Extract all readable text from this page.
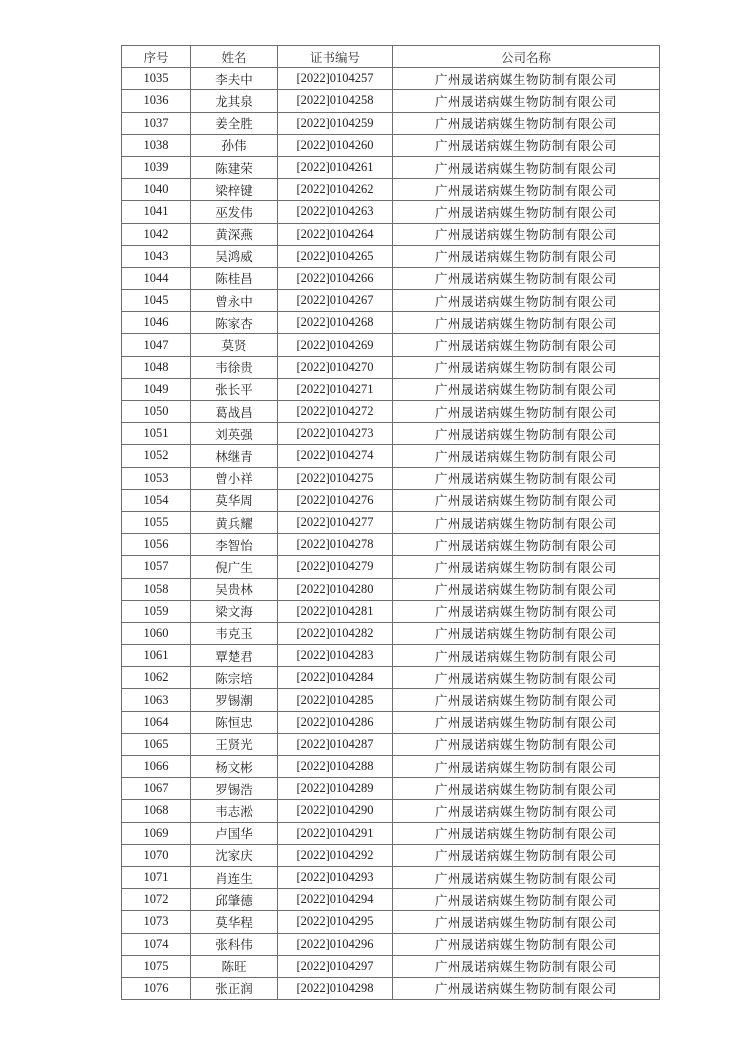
序号	姓名	证书编号	公司名称
1035	李夫中	[2022]0104257	广州晟诺病媒生物防制有限公司
1036	龙其泉	[2022]0104258	广州晟诺病媒生物防制有限公司
1037	姜全胜	[2022]0104259	广州晟诺病媒生物防制有限公司
1038	孙伟	[2022]0104260	广州晟诺病媒生物防制有限公司
1039	陈建荣	[2022]0104261	广州晟诺病媒生物防制有限公司
1040	梁梓键	[2022]0104262	广州晟诺病媒生物防制有限公司
1041	巫发伟	[2022]0104263	广州晟诺病媒生物防制有限公司
1042	黄深燕	[2022]0104264	广州晟诺病媒生物防制有限公司
1043	吴鸿威	[2022]0104265	广州晟诺病媒生物防制有限公司
1044	陈桂昌	[2022]0104266	广州晟诺病媒生物防制有限公司
1045	曾永中	[2022]0104267	广州晟诺病媒生物防制有限公司
1046	陈家杏	[2022]0104268	广州晟诺病媒生物防制有限公司
1047	莫贤	[2022]0104269	广州晟诺病媒生物防制有限公司
1048	韦徐贵	[2022]0104270	广州晟诺病媒生物防制有限公司
1049	张长平	[2022]0104271	广州晟诺病媒生物防制有限公司
1050	葛战昌	[2022]0104272	广州晟诺病媒生物防制有限公司
1051	刘英强	[2022]0104273	广州晟诺病媒生物防制有限公司
1052	林继青	[2022]0104274	广州晟诺病媒生物防制有限公司
1053	曾小祥	[2022]0104275	广州晟诺病媒生物防制有限公司
1054	莫华周	[2022]0104276	广州晟诺病媒生物防制有限公司
1055	黄兵耀	[2022]0104277	广州晟诺病媒生物防制有限公司
1056	李智怡	[2022]0104278	广州晟诺病媒生物防制有限公司
1057	倪广生	[2022]0104279	广州晟诺病媒生物防制有限公司
1058	吴贵林	[2022]0104280	广州晟诺病媒生物防制有限公司
1059	梁文海	[2022]0104281	广州晟诺病媒生物防制有限公司
1060	韦克玉	[2022]0104282	广州晟诺病媒生物防制有限公司
1061	覃楚君	[2022]0104283	广州晟诺病媒生物防制有限公司
1062	陈宗培	[2022]0104284	广州晟诺病媒生物防制有限公司
1063	罗锡潮	[2022]0104285	广州晟诺病媒生物防制有限公司
1064	陈恒忠	[2022]0104286	广州晟诺病媒生物防制有限公司
1065	王贤光	[2022]0104287	广州晟诺病媒生物防制有限公司
1066	杨文彬	[2022]0104288	广州晟诺病媒生物防制有限公司
1067	罗锡浩	[2022]0104289	广州晟诺病媒生物防制有限公司
1068	韦志淞	[2022]0104290	广州晟诺病媒生物防制有限公司
1069	卢国华	[2022]0104291	广州晟诺病媒生物防制有限公司
1070	沈家庆	[2022]0104292	广州晟诺病媒生物防制有限公司
1071	肖连生	[2022]0104293	广州晟诺病媒生物防制有限公司
1072	邱肇德	[2022]0104294	广州晟诺病媒生物防制有限公司
1073	莫华程	[2022]0104295	广州晟诺病媒生物防制有限公司
1074	张科伟	[2022]0104296	广州晟诺病媒生物防制有限公司
1075	陈旺	[2022]0104297	广州晟诺病媒生物防制有限公司
1076	张正润	[2022]0104298	广州晟诺病媒生物防制有限公司
